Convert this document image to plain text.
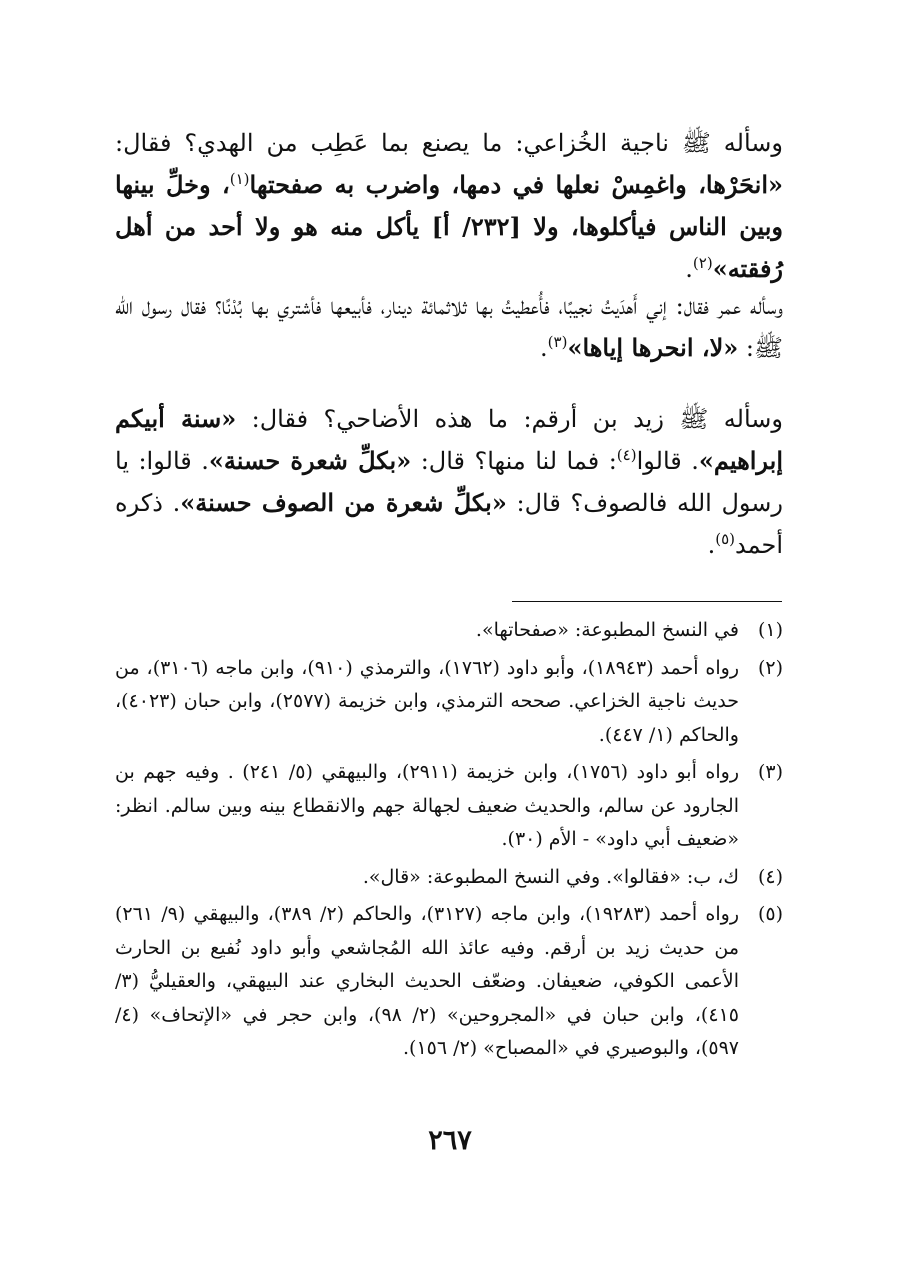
وسأله ﷺ ناجية الخُزاعي: ما يصنع بما عَطِب من الهدي؟ فقال: «انحَرْها، واغمِسْ نعلها في دمها، واضرب به صفحتها$^{(١)}$، وخلِّ بينها وبين الناس فيأكلوها، ولا [٢٣٢/ أ] يأكل منه هو ولا أحد من أهل رُفقته»$^{(٢)}$.
وسأله عمر فقال: إني أَهدَيتُ نجيبًا، فأُعطيتُ بها ثلاثمائة دينار، فأبيعها فأشتري بها بُدْنًا؟ فقال رسول الله ﷺ: «لا، انحرها إياها»$^{(٣)}$.
وسأله ﷺ زيد بن أرقم: ما هذه الأضاحي؟ فقال: «سنة أبيكم إبراهيم». قالوا$^{(٤)}$: فما لنا منها؟ قال: «بكلِّ شعرة حسنة». قالوا: يا رسول الله فالصوف؟ قال: «بكلِّ شعرة من الصوف حسنة». ذكره أحمد$^{(٥)}$.
(١)
في النسخ المطبوعة: «صفحاتها».
(٢)
رواه أحمد (١٨٩٤٣)، وأبو داود (١٧٦٢)، والترمذي (٩١٠)، وابن ماجه (٣١٠٦)، من حديث ناجية الخزاعي. صححه الترمذي، وابن خزيمة (٢٥٧٧)، وابن حبان (٤٠٢٣)، والحاكم (١/ ٤٤٧).
(٣)
رواه أبو داود (١٧٥٦)، وابن خزيمة (٢٩١١)، والبيهقي (٥/ ٢٤١) . وفيه جهم بن الجارود عن سالم، والحديث ضعيف لجهالة جهم والانقطاع بينه وبين سالم. انظر: «ضعيف أبي داود» - الأم (٣٠).
(٤)
ك، ب: «فقالوا». وفي النسخ المطبوعة: «قال».
(٥)
رواه أحمد (١٩٢٨٣)، وابن ماجه (٣١٢٧)، والحاكم (٢/ ٣٨٩)، والبيهقي (٩/ ٢٦١) من حديث زيد بن أرقم. وفيه عائذ الله المُجاشعي وأبو داود نُفيع بن الحارث الأعمى الكوفي، ضعيفان. وضعّف الحديث البخاري عند البيهقي، والعقيليُّ (٣/ ٤١٥)، وابن حبان في «المجروحين» (٢/ ٩٨)، وابن حجر في «الإتحاف» (٤/ ٥٩٧)، والبوصيري في «المصباح» (٢/ ١٥٦).
٢٦٧
